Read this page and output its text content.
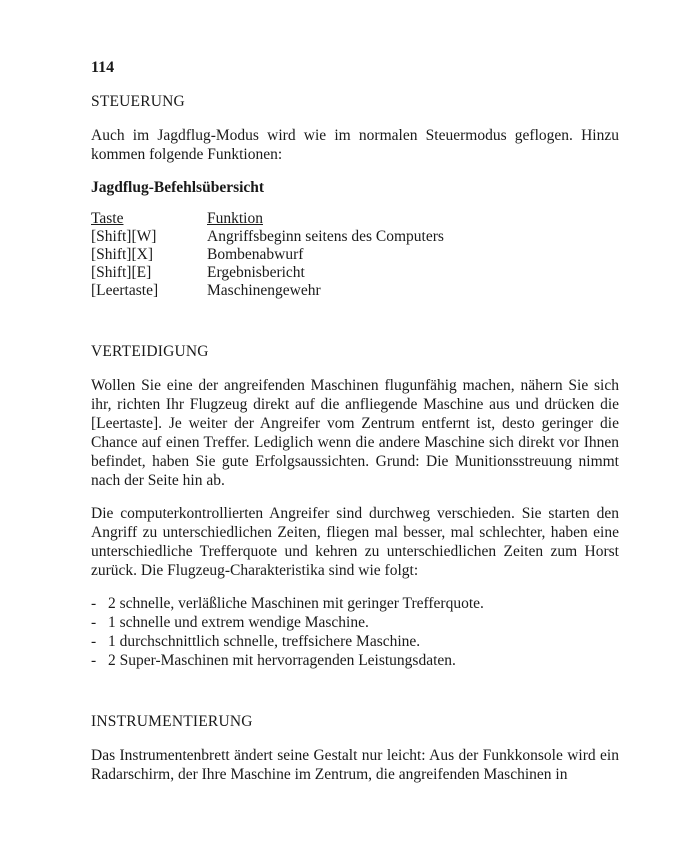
114
STEUERUNG

Auch im Jagdflug-Modus wird wie im normalen Steuermodus geflogen. Hinzu kommen folgende Funktionen:

Jagdflug-Befehlsübersicht
Taste	Funktion
[Shift][W]	Angriffsbeginn seitens des Computers
[Shift][X]	Bombenabwurf
[Shift][E]	Ergebnisbericht
[Leertaste]	Maschinengewehr
VERTEIDIGUNG

Wollen Sie eine der angreifenden Maschinen flugunfähig machen, nähern Sie sich ihr, richten Ihr Flugzeug direkt auf die anfliegende Maschine aus und drücken die [Leertaste]. Je weiter der Angreifer vom Zentrum entfernt ist, desto geringer die Chance auf einen Treffer. Lediglich wenn die andere Maschine sich direkt vor Ihnen befindet, haben Sie gute Erfolgsaussichten. Grund: Die Munitionsstreuung nimmt nach der Seite hin ab.

Die computerkontrollierten Angreifer sind durchweg verschieden. Sie starten den Angriff zu unterschiedlichen Zeiten, fliegen mal besser, mal schlechter, haben eine unterschiedliche Trefferquote und kehren zu unterschiedlichen Zeiten zum Horst zurück. Die Flugzeug-Charakteristika sind wie folgt:

- 2 schnelle, verläßliche Maschinen mit geringer Trefferquote.
- 1 schnelle und extrem wendige Maschine.
- 1 durchschnittlich schnelle, treffsichere Maschine.
- 2 Super-Maschinen mit hervorragenden Leistungsdaten.
INSTRUMENTIERUNG

Das Instrumentenbrett ändert seine Gestalt nur leicht: Aus der Funkkonsole wird ein Radarschirm, der Ihre Maschine im Zentrum, die angreifenden Maschinen in
